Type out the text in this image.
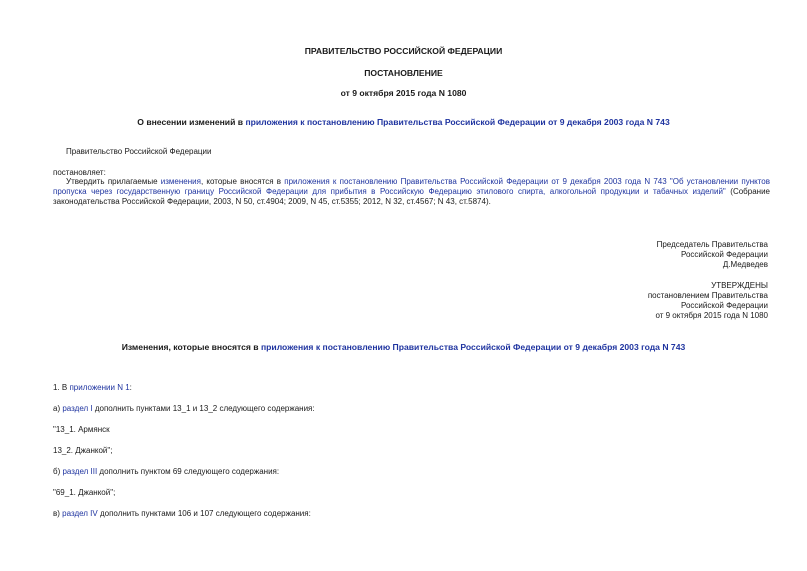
ПРАВИТЕЛЬСТВО РОССИЙСКОЙ ФЕДЕРАЦИИ
ПОСТАНОВЛЕНИЕ
от 9 октября 2015 года N 1080
О внесении изменений в приложения к постановлению Правительства Российской Федерации от 9 декабря 2003 года N 743
Правительство Российской Федерации
постановляет:
Утвердить прилагаемые изменения, которые вносятся в приложения к постановлению Правительства Российской Федерации от 9 декабря 2003 года N 743 "Об установлении пунктов пропуска через государственную границу Российской Федерации для прибытия в Российскую Федерацию этилового спирта, алкогольной продукции и табачных изделий" (Собрание законодательства Российской Федерации, 2003, N 50, ст.4904; 2009, N 45, ст.5355; 2012, N 32, ст.4567; N 43, ст.5874).
Председатель Правительства
Российской Федерации
Д.Медведев
УТВЕРЖДЕНЫ
постановлением Правительства
Российской Федерации
от 9 октября 2015 года N 1080
Изменения, которые вносятся в приложения к постановлению Правительства Российской Федерации от 9 декабря 2003 года N 743
1. В приложении N 1:
а) раздел I дополнить пунктами 13_1 и 13_2 следующего содержания:
"13_1. Армянск
13_2. Джанкой";
б) раздел III дополнить пунктом 69 следующего содержания:
"69_1. Джанкой";
в) раздел IV дополнить пунктами 106 и 107 следующего содержания:
